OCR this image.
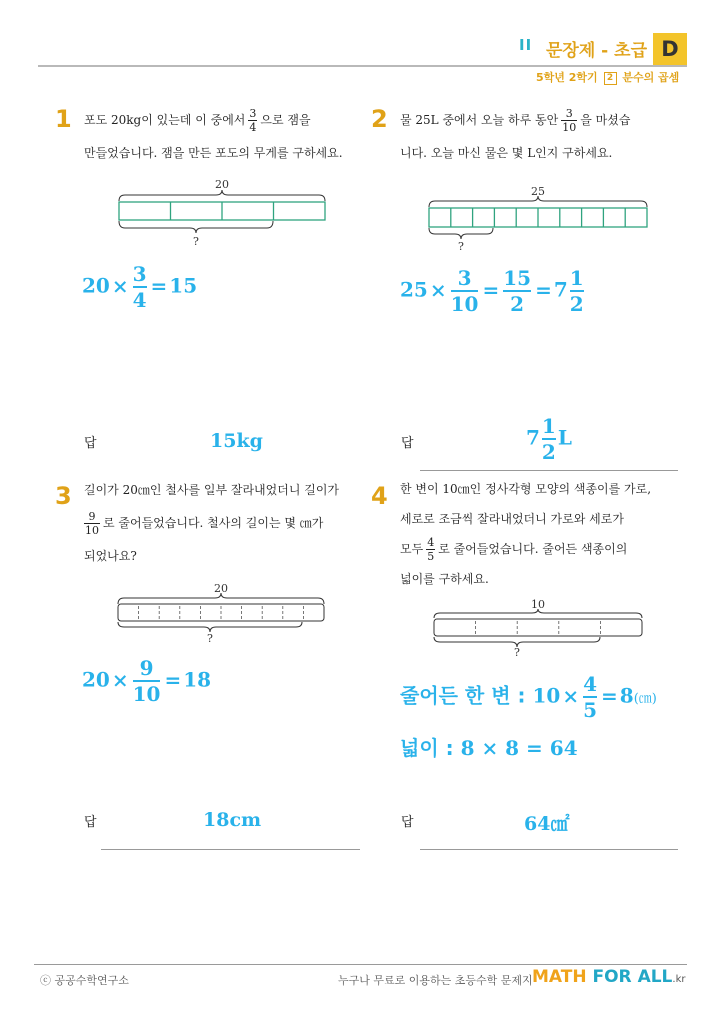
II 문장제 - 초급 D
5학년 2학기 2 분수의 곱셈
1 포도 20kg이 있는데 이 중에서 $\frac{3}{4}$ 으로 잼을
만들었습니다. 잼을 만든 포도의 무게를 구하세요.
20
?
$20 \times \frac{3}{4} = 15$
답	15kg
2 물 25L 중에서 오늘 하루 동안 $\frac{3}{10}$ 을 마셨습
니다. 오늘 마신 물은 몇 L인지 구하세요.
25
?
$25 \times \frac{3}{10} = \frac{15}{2} = 7 \frac{1}{2}$
답	$7 \frac{1}{2}$ L
3 길이가 20㎝인 철사를 일부 잘라내었더니 길이가

$\frac{9}{10}$ 로 줄어들었습니다. 철사의 길이는 몇 ㎝가
되었나요?
20
?
$20 \times \frac{9}{10} = 18$
답	18cm
4 한 변이 10㎝인 정사각형 모양의 색종이를 가로,
세로로 조금씩 잘라내었더니 가로와 세로가
모두 $\frac{4}{5}$ 로 줄어들었습니다. 줄어든 색종이의
넓이를 구하세요.
10
?
줄어든 한 변 : $10 \times \frac{4}{5}$ = 8(㎝)
넓이 : 8 × 8 = 64
답	64㎠
ⓒ 공공수학연구소	누구나 무료로 이용하는 초등수학 문제지 MATH FOR ALL.kr
